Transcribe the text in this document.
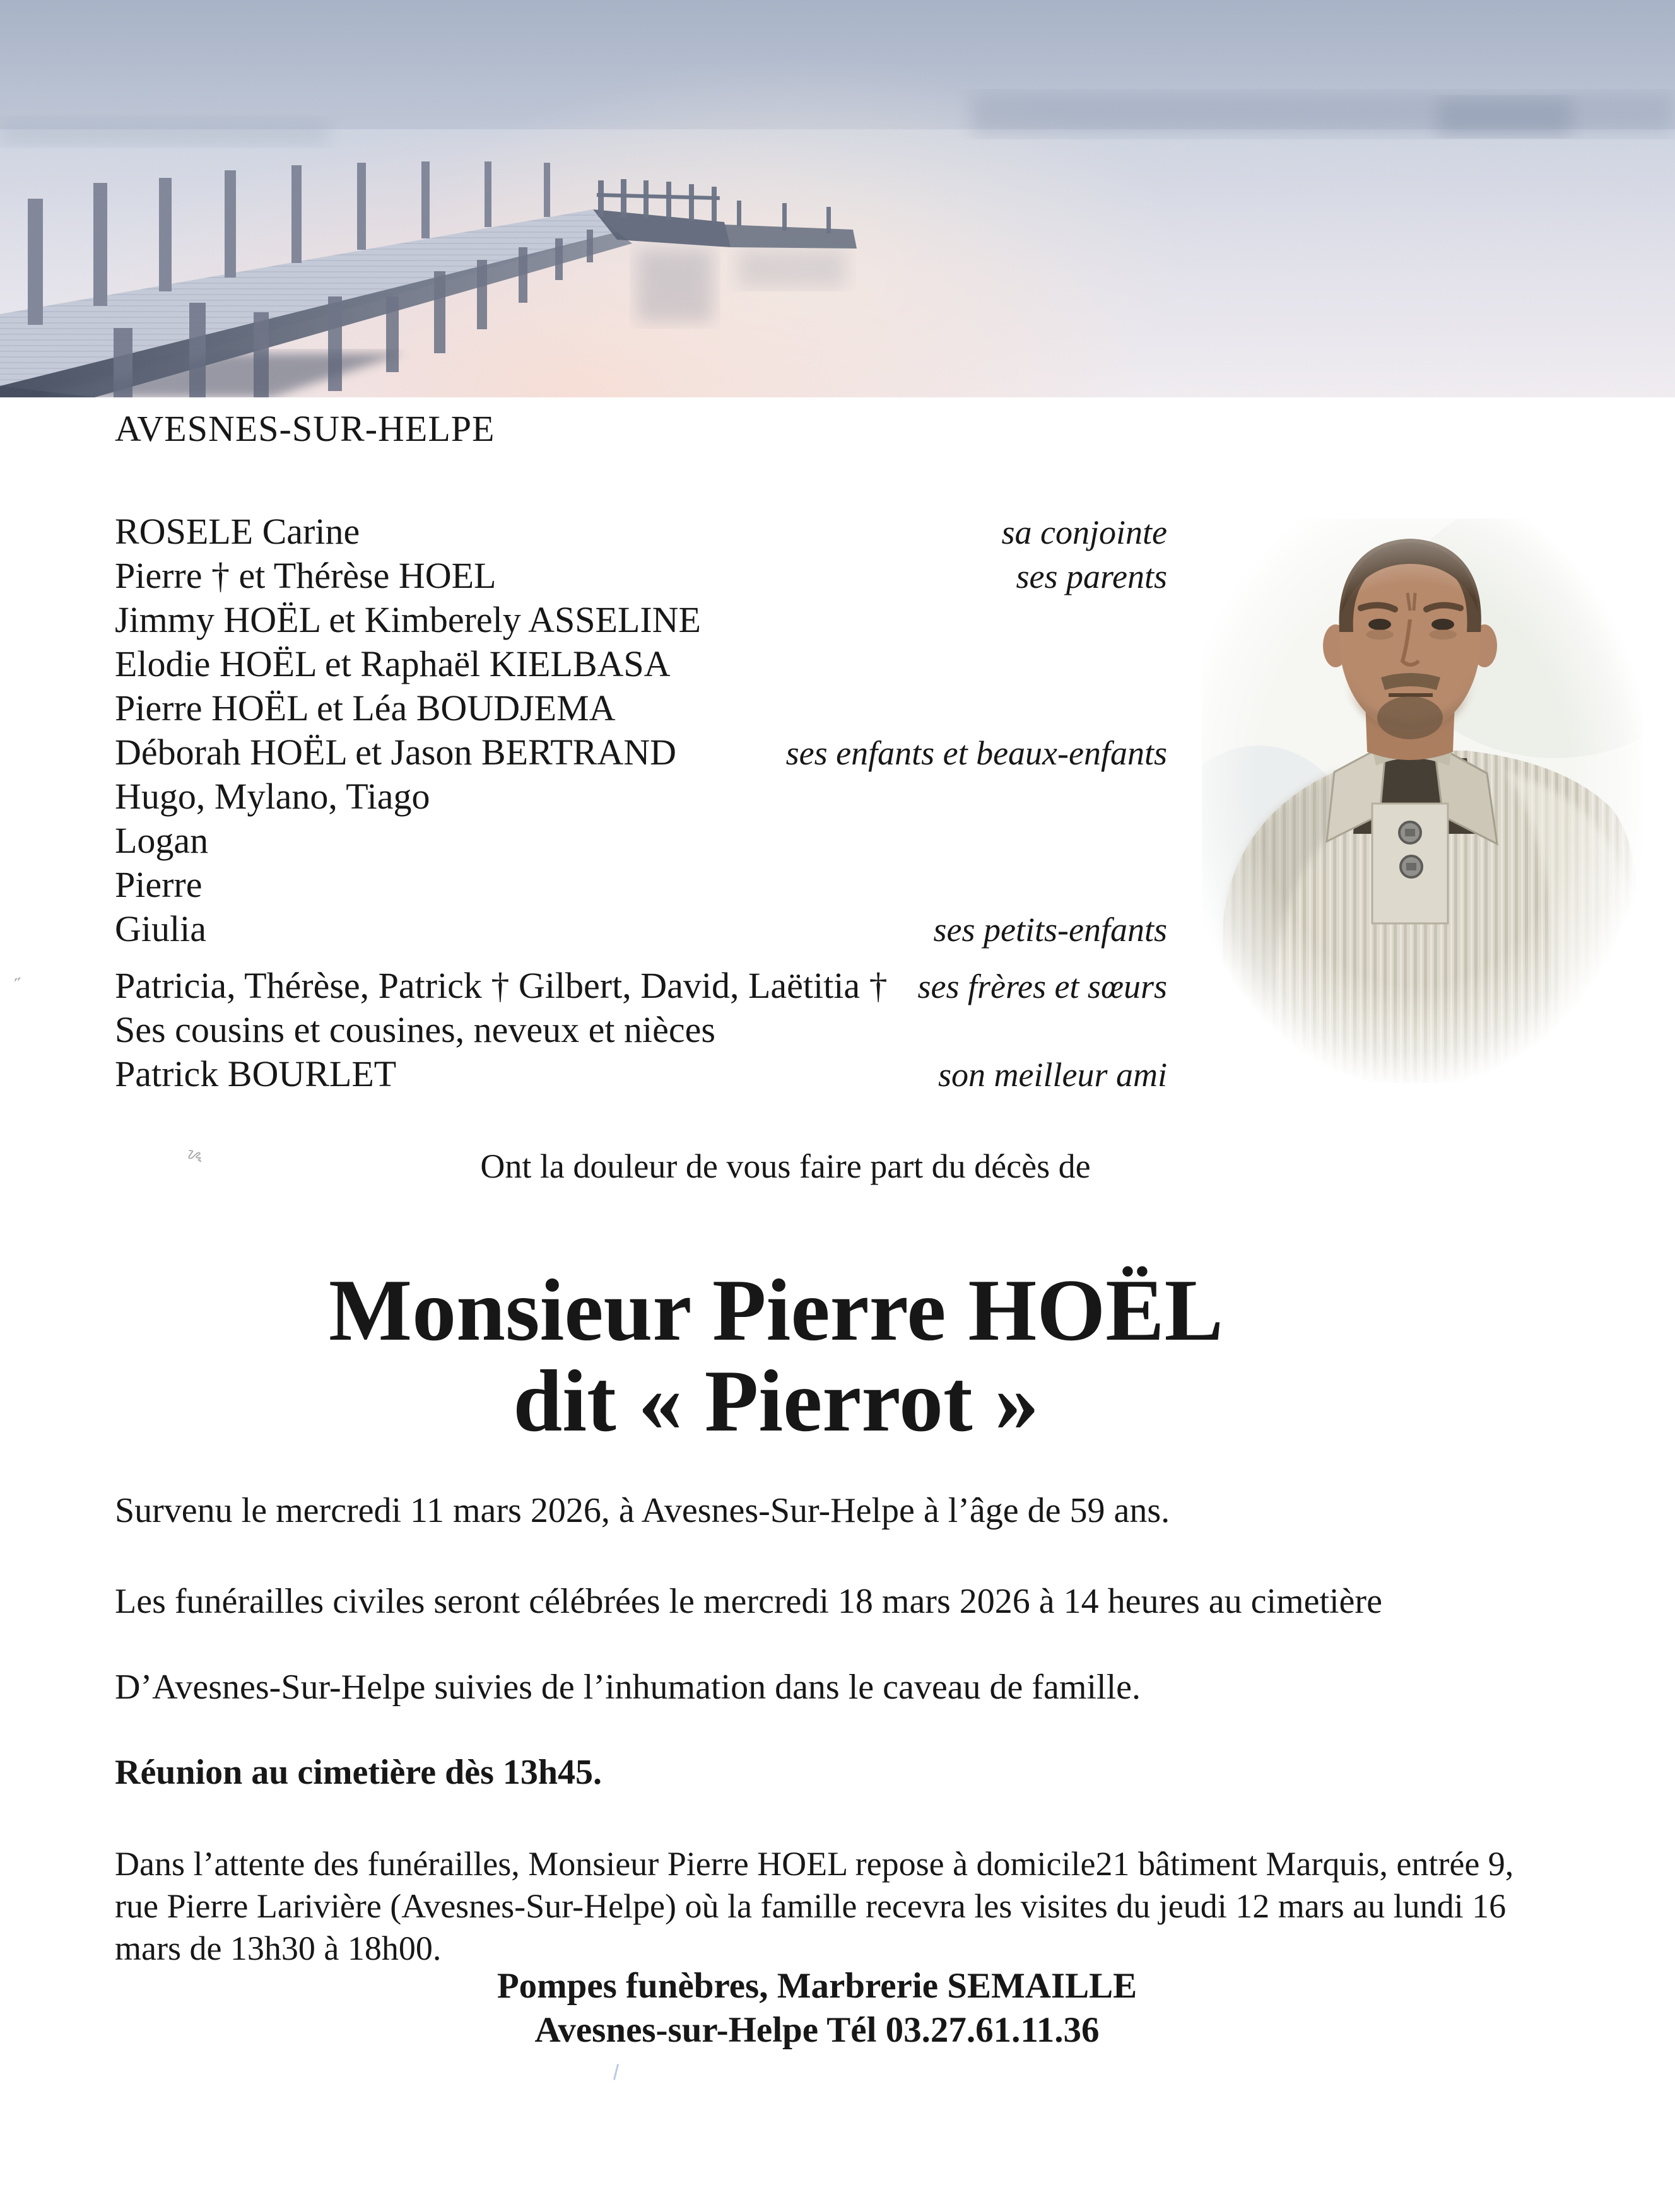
AVESNES-SUR-HELPE
ROSELE Carine	sa conjointe
Pierre † et Thérèse HOEL	ses parents
Jimmy HOËL et Kimberely ASSELINE
Elodie HOËL et Raphaël KIELBASA
Pierre HOËL et Léa BOUDJEMA
Déborah HOËL et Jason BERTRAND	ses enfants et beaux-enfants
Hugo, Mylano, Tiago
Logan
Pierre
Giulia	ses petits-enfants
Patricia, Thérèse, Patrick † Gilbert, David, Laëtitia † ses frères et sœurs
Ses cousins et cousines, neveux et nièces
Patrick BOURLET	son meilleur ami
Ont la douleur de vous faire part du décès de
Monsieur Pierre HOËL
dit « Pierrot »
Survenu le mercredi 11 mars 2026, à Avesnes-Sur-Helpe à l’âge de 59 ans.
Les funérailles civiles seront célébrées le mercredi 18 mars 2026 à 14 heures au cimetière
D’Avesnes-Sur-Helpe suivies de l’inhumation dans le caveau de famille.
Réunion au cimetière dès 13h45.
Dans l’attente des funérailles, Monsieur Pierre HOEL repose à domicile21 bâtiment Marquis, entrée 9,
rue Pierre Larivière (Avesnes-Sur-Helpe) où la famille recevra les visites du jeudi 12 mars au lundi 16
mars de 13h30 à 18h00.
Pompes funèbres, Marbrerie SEMAILLE
Avesnes-sur-Helpe Tél 03.27.61.11.36
˶
ᝰ
